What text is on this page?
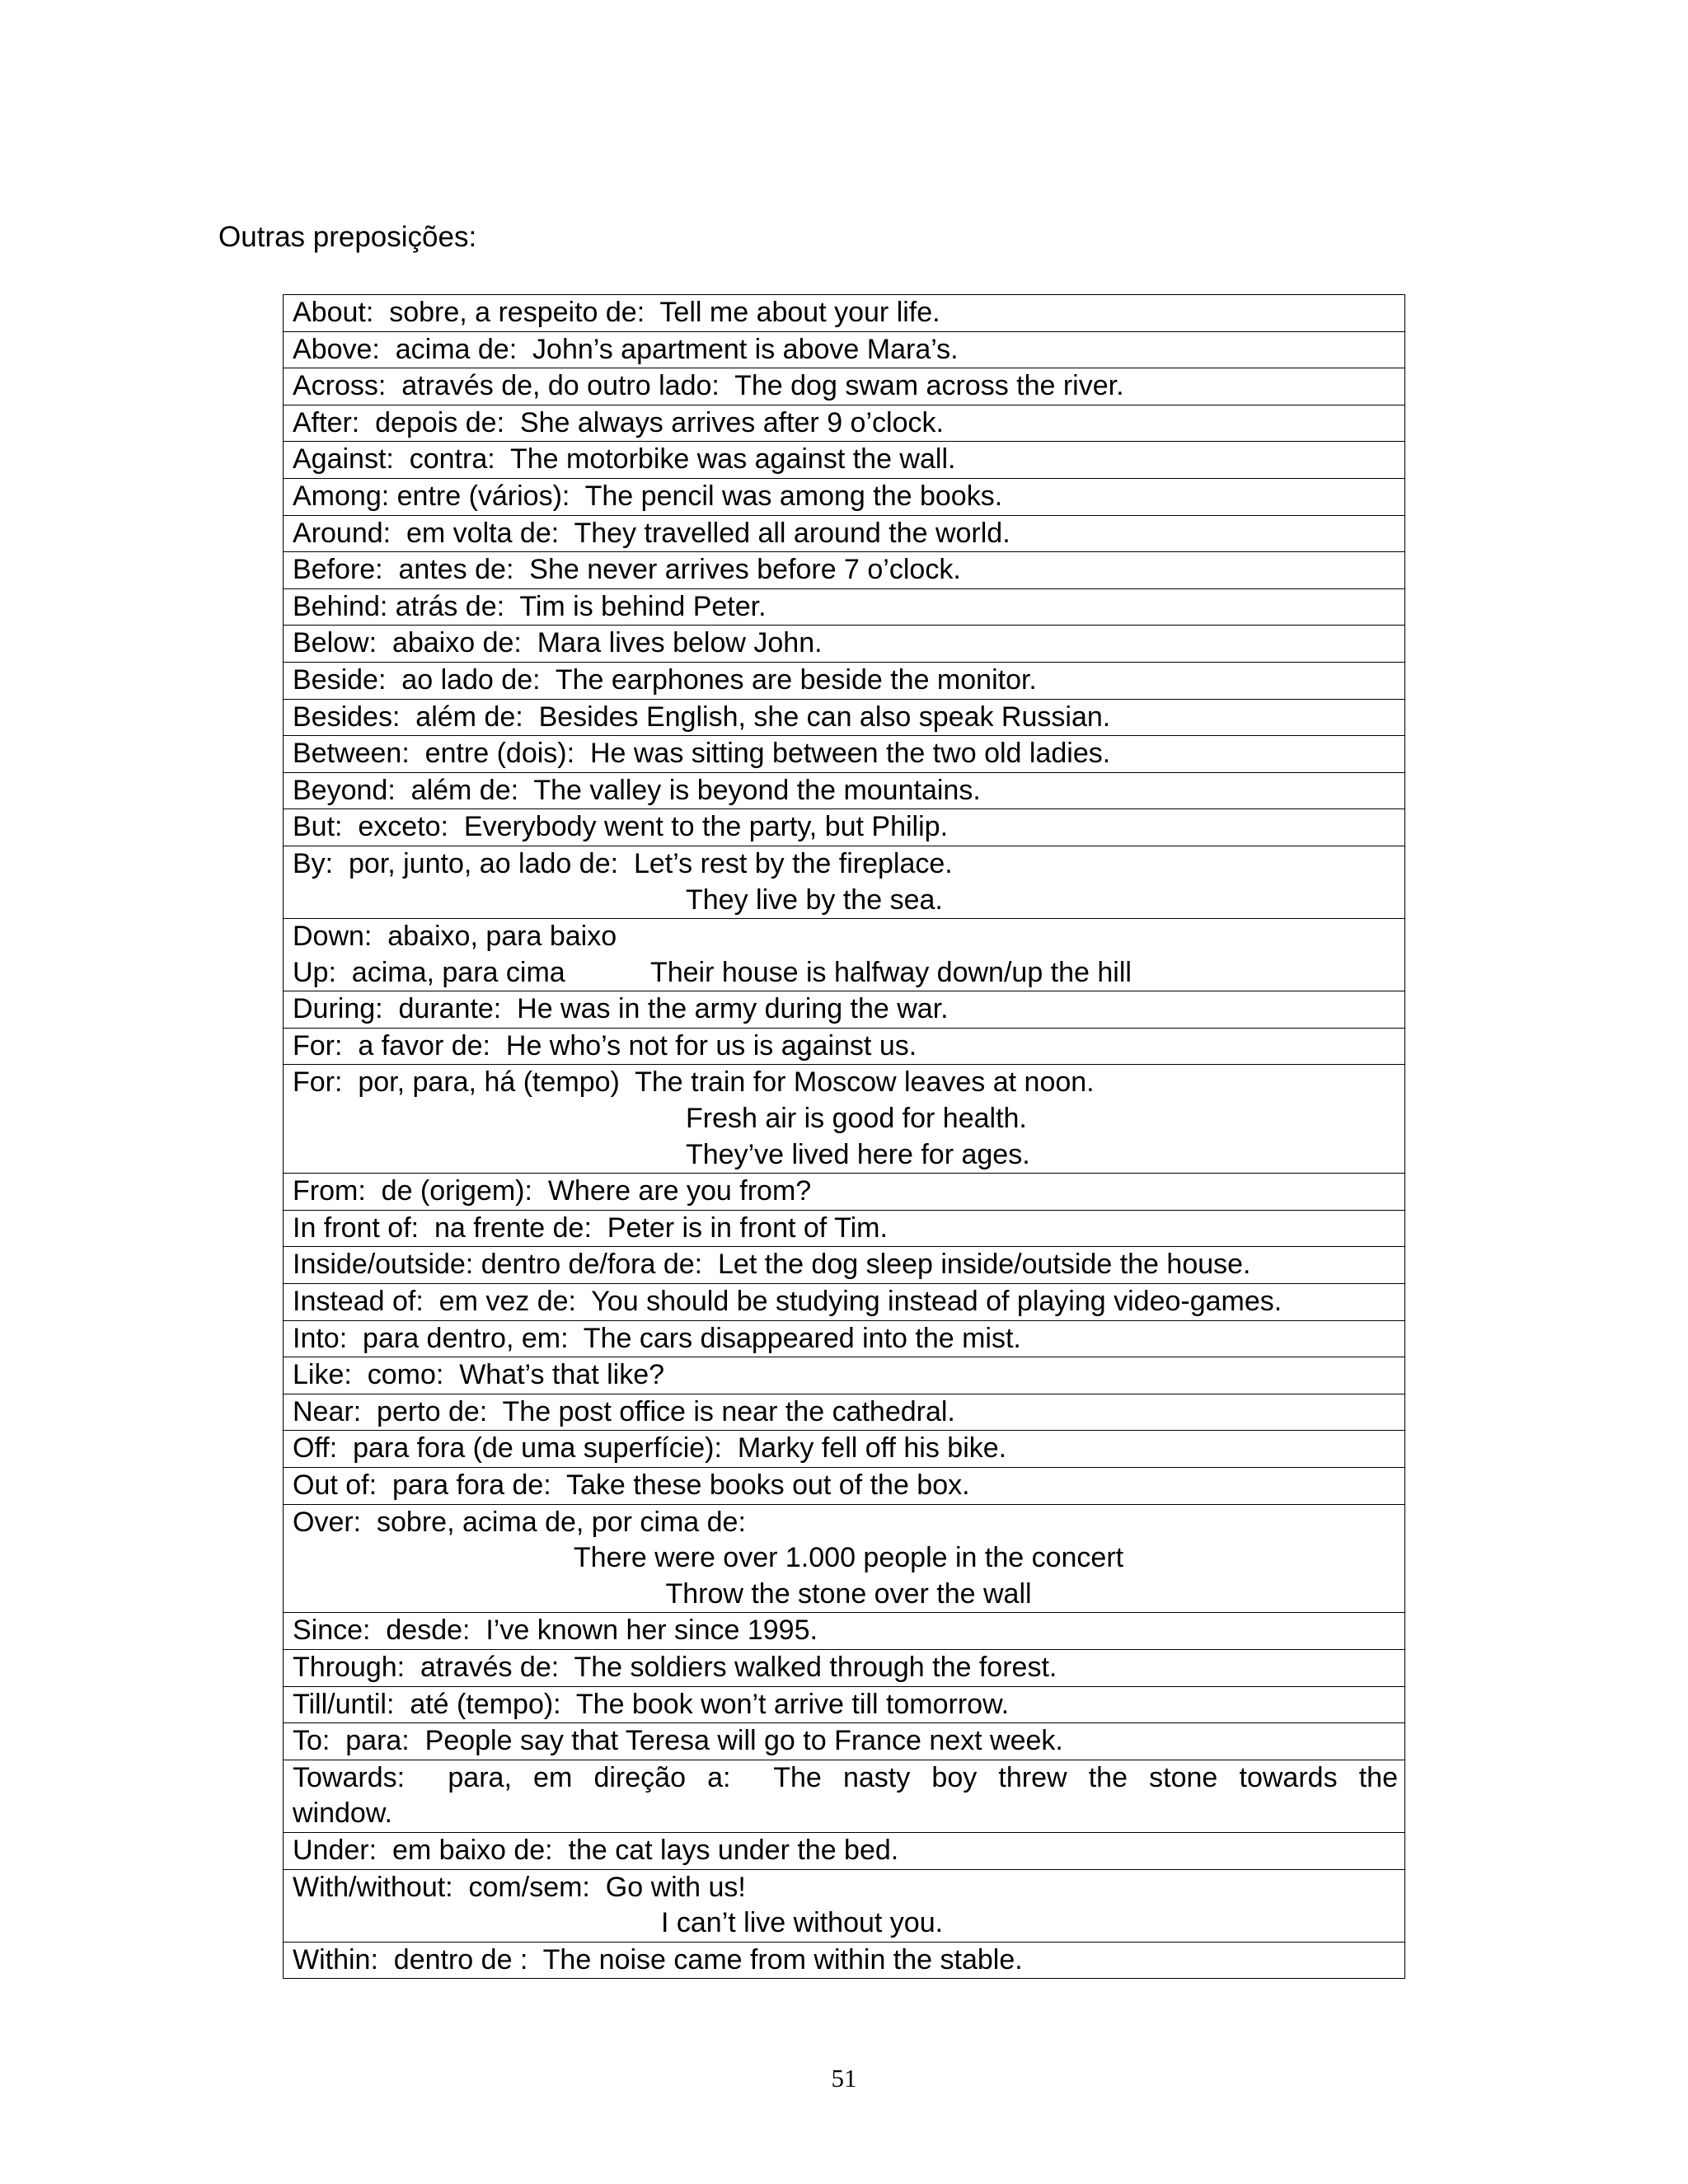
Outras preposições:
About:  sobre, a respeito de:  Tell me about your life.

Above:  acima de:  John’s apartment is above Mara’s.

Across:  através de, do outro lado:  The dog swam across the river.

After:  depois de:  She always arrives after 9 o’clock.

Against:  contra:  The motorbike was against the wall.

Among: entre (vários):  The pencil was among the books.

Around:  em volta de:  They travelled all around the world.

Before:  antes de:  She never arrives before 7 o’clock.

Behind: atrás de:  Tim is behind Peter.

Below:  abaixo de:  Mara lives below John.

Beside:  ao lado de:  The earphones are beside the monitor.

Besides:  além de:  Besides English, she can also speak Russian.

Between:  entre (dois):  He was sitting between the two old ladies.

Beyond:  além de:  The valley is beyond the mountains.

But:  exceto:  Everybody went to the party, but Philip.

By:  por, junto, ao lado de:  Let’s rest by the fireplace.
They live by the sea.

Down:  abaixo, para baixo
Up:  acima, para cima           Their house is halfway down/up the hill

During:  durante:  He was in the army during the war.

For:  a favor de:  He who’s not for us is against us.

For:  por, para, há (tempo)  The train for Moscow leaves at noon.
Fresh air is good for health.
They’ve lived here for ages.

From:  de (origem):  Where are you from?

In front of:  na frente de:  Peter is in front of Tim.

Inside/outside: dentro de/fora de:  Let the dog sleep inside/outside the house.

Instead of:  em vez de:  You should be studying instead of playing video-games.

Into:  para dentro, em:  The cars disappeared into the mist.

Like:  como:  What’s that like?

Near:  perto de:  The post office is near the cathedral.

Off:  para fora (de uma superfície):  Marky fell off his bike.

Out of:  para fora de:  Take these books out of the box.

Over:  sobre, acima de, por cima de:
There were over 1.000 people in the concert
Throw the stone over the wall

Since:  desde:  I’ve known her since 1995.

Through:  através de:  The soldiers walked through the forest.

Till/until:  até (tempo):  The book won’t arrive till tomorrow.

To:  para:  People say that Teresa will go to France next week.

Towards:  para, em direção a:  The nasty boy threw the stone towards the
window.

Under:  em baixo de:  the cat lays under the bed.

With/without:  com/sem:  Go with us!
I can’t live without you.

Within:  dentro de :  The noise came from within the stable.
51
